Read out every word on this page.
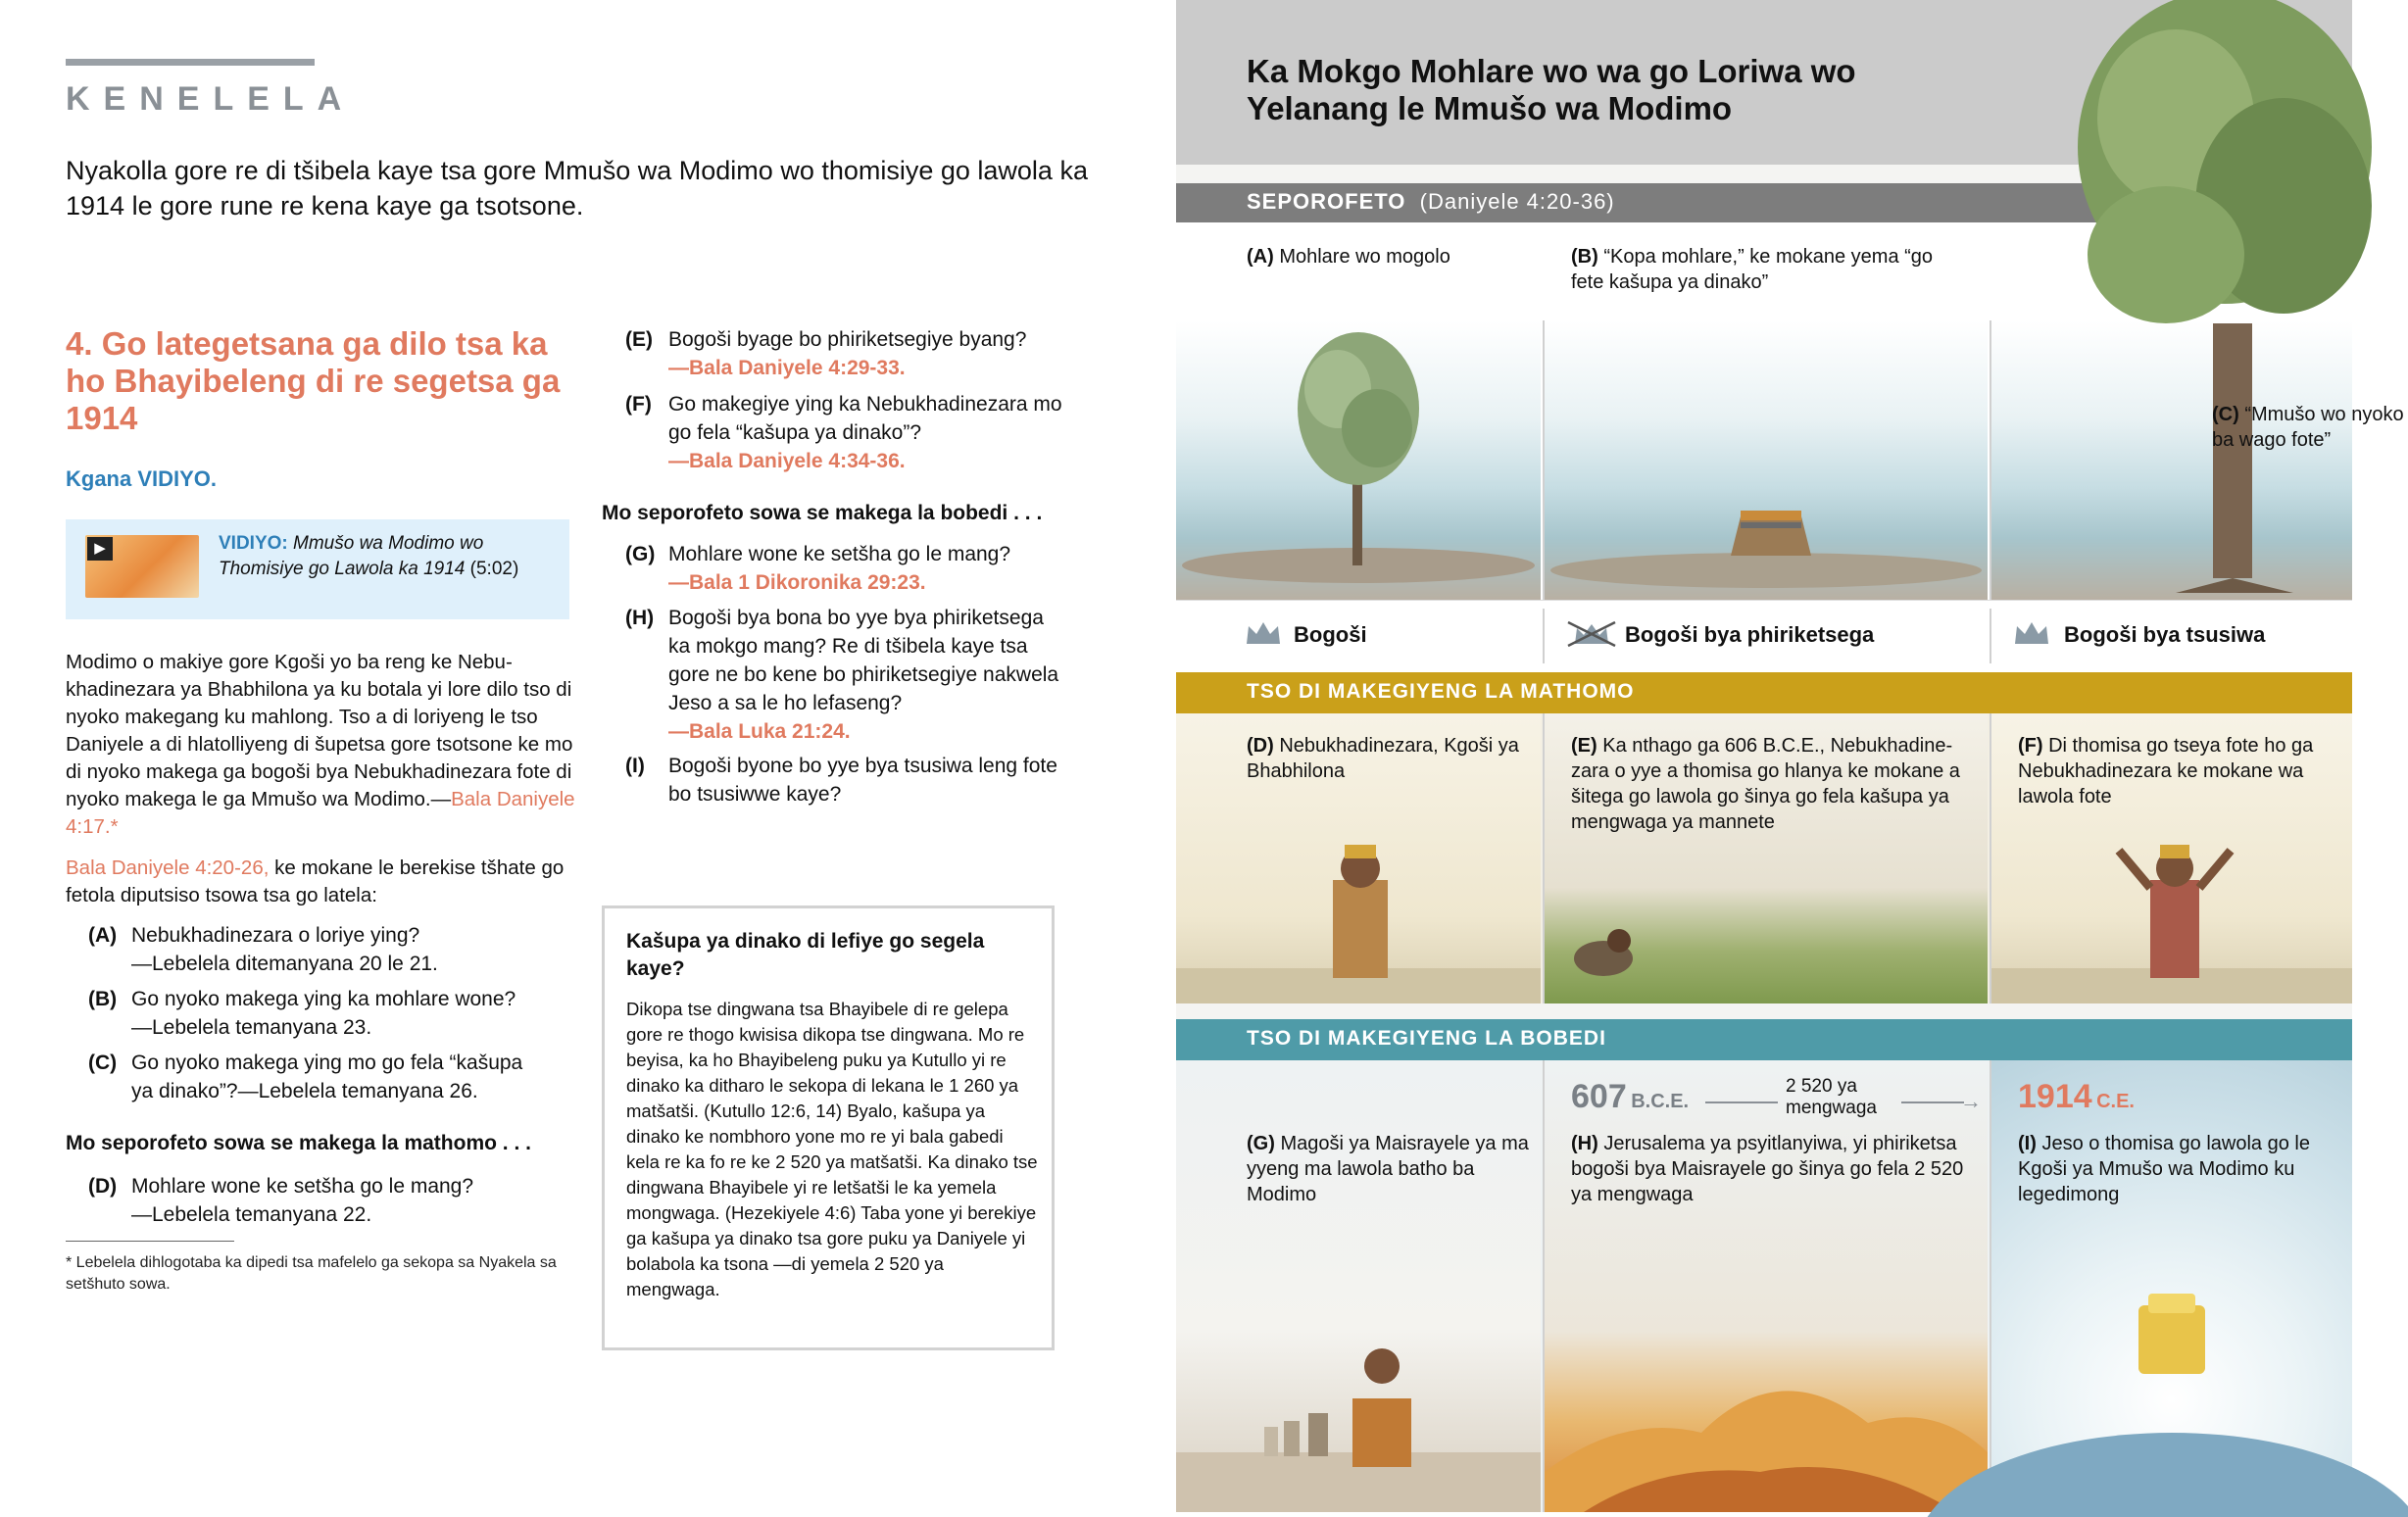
KENELELA
Nyakolla gore re di tšibela kaye tsa gore Mmušo wa Modimo wo thomisiye go lawola ka 1914 le gore rune re kena kaye ga tsotsone.
4. Go lategetsana ga dilo tsa ka ho Bhayibeleng di re segetsa ga 1914
Kgana VIDIYO.
▶	VIDIYO: Mmušo wa Modimo wo Thomisiye go Lawola ka 1914 (5:02)
Modimo o makiye gore Kgoši yo ba reng ke Nebukhadinezara ya Bhabhilona ya ku botala yi lore dilo tso di nyoko makegang ku mahlong. Tso a di loriyeng le tso Daniyele a di hlatolliyeng di šupetsa gore tsotsone ke mo di nyoko makega ga bogoši bya Nebukhadinezara fote di nyoko makega le ga Mmušo wa Modimo.—Bala Daniyele 4:17.*
Bala Daniyele 4:20-26, ke mokane le berekise tšhate go fetola diputsiso tsowa tsa go latela:
(A) Nebukhadinezara o loriye ying?
—Lebelela ditemanyana 20 le 21.
(B) Go nyoko makega ying ka mohlare wone?
—Lebelela temanyana 23.
(C) Go nyoko makega ying mo go fela “kašupa
ya dinako”?—Lebelela temanyana 26.
Mo seporofeto sowa se makega la mathomo . . .
(D) Mohlare wone ke setšha go le mang?
—Lebelela temanyana 22.
* Lebelela dihlogotaba ka dipedi tsa mafelelo ga sekopa sa Nyakela sa setšhuto sowa.
(E) Bogoši byage bo phiriketsegiye byang?
—Bala Daniyele 4:29-33.
(F) Go makegiye ying ka Nebukhadinezara mo
go fela “kašupa ya dinako”?
—Bala Daniyele 4:34-36.
Mo seporofeto sowa se makega la bobedi . . .
(G) Mohlare wone ke setšha go le mang?
—Bala 1 Dikoronika 29:23.
(H) Bogoši bya bona bo yye bya phiriketsega
ka mokgo mang? Re di tšibela kaye tsa
gore ne bo kene bo phiriketsegiye nakwela
Jeso a sa le ho lefaseng?
—Bala Luka 21:24.
(I) Bogoši byone bo yye bya tsusiwa leng fote
bo tsusiwwe kaye?
Kašupa ya dinako di lefiye go segela kaye?
Dikopa tse dingwana tsa Bhayibele di re gelepa gore re thogo kwisisa dikopa tse dingwana. Mo re beyisa, ka ho Bhayibeleng puku ya Kutullo yi re dinako ka ditharo le sekopa di lekana le 1 260 ya matšatši. (Kutullo 12:6, 14) Byalo, kašupa ya dinako ke nombhoro yone mo re yi bala gabedi kela re ka fo re ke 2 520 ya matšatši. Ka dinako tse dingwana Bhayibele yi re letšatši le ka yemela mongwaga. (Hezekiyele 4:6) Taba yone yi berekiye ga kašupa ya dinako tsa gore puku ya Daniyele yi bolabola ka tsona —di yemela 2 520 ya mengwaga.
Ka Mokgo Mohlare wo wa go Loriwa wo Yelanang le Mmušo wa Modimo
SEPOROFETO (Daniyele 4:20-36)
(A) Mohlare wo mogolo	(B) “Kopa mohlare,” ke mokane yema “go fete kašupa ya dinako”
(C) “Mmušo wo nyoko ba wago fote”
Bogoši	Bogoši bya phiriketsega	Bogoši bya tsusiwa
TSO DI MAKEGIYENG LA MATHOMO
(D) Nebukhadinezara, Kgoši ya Bhabhilona
(E) Ka nthago ga 606 B.C.E., Nebukhadinezara o yye a thomisa go hlanya ke mokane a šitega go lawola go šinya go fela kašupa ya mengwaga ya mannete
(F) Di thomisa go tseya fote ho ga Nebukhadinezara ke mokane wa lawola fote
TSO DI MAKEGIYENG LA BOBEDI
607 B.C.E.
2 520 ya
mengwaga	→ 1914 C.E.
(G) Magoši ya Maisrayele ya ma yyeng ma lawola batho ba Modimo
(H) Jerusalema ya psyitlanyiwa, yi phiriketsa bogoši bya Maisrayele go šinya go fela 2 520 ya mengwaga
(I) Jeso o thomisa go lawola go le Kgoši ya Mmušo wa Modimo ku legedimong
